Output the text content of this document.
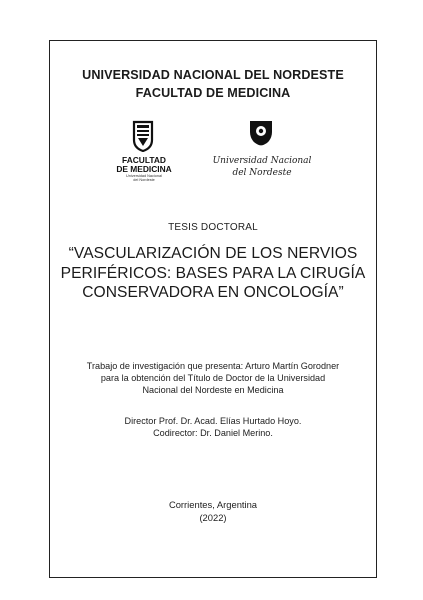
UNIVERSIDAD NACIONAL DEL NORDESTE
FACULTAD DE MEDICINA
FACULTAD
DE MEDICINA
Universidad Nacional
del Nordeste
Universidad Nacional
del Nordeste
TESIS DOCTORAL
“VASCULARIZACIÓN DE LOS NERVIOS
PERIFÉRICOS: BASES PARA LA CIRUGÍA
CONSERVADORA EN ONCOLOGÍA”
Trabajo de investigación que presenta: Arturo Martín Gorodner
para la obtención del Título de Doctor de la Universidad
Nacional del Nordeste en Medicina
Director Prof. Dr. Acad. Elías Hurtado Hoyo.
Codirector: Dr. Daniel Merino.
Corrientes, Argentina
(2022)
